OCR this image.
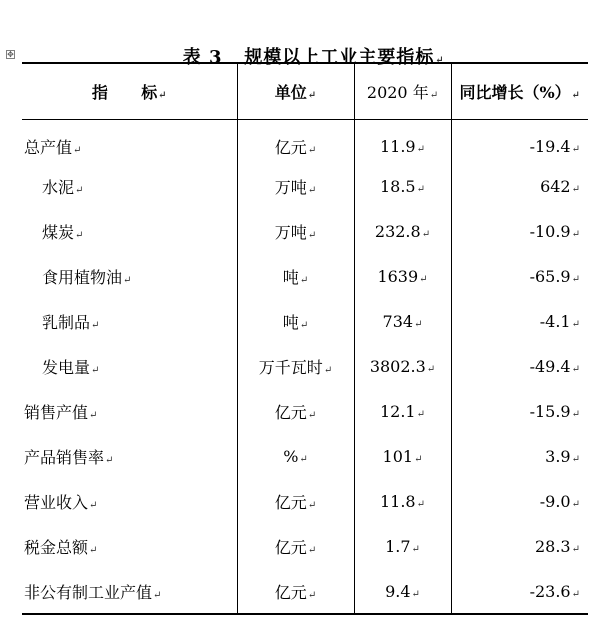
表 3   规模以上工业主要指标↵

✥
指      标↵	单位↵	2020 年↵	同比增长（%）↵
总产值↵	亿元↵	11.9↵	-19.4↵
水泥↵	万吨↵	18.5↵	642↵
煤炭↵	万吨↵	232.8↵	-10.9↵
食用植物油↵	吨↵	1639↵	-65.9↵
乳制品↵	吨↵	734↵	-4.1↵
发电量↵	万千瓦时↵	3802.3↵	-49.4↵
销售产值↵	亿元↵	12.1↵	-15.9↵
产品销售率↵	%↵	101↵	3.9↵
营业收入↵	亿元↵	11.8↵	-9.0↵
税金总额↵	亿元↵	1.7↵	28.3↵
非公有制工业产值↵	亿元↵	9.4↵	-23.6↵
